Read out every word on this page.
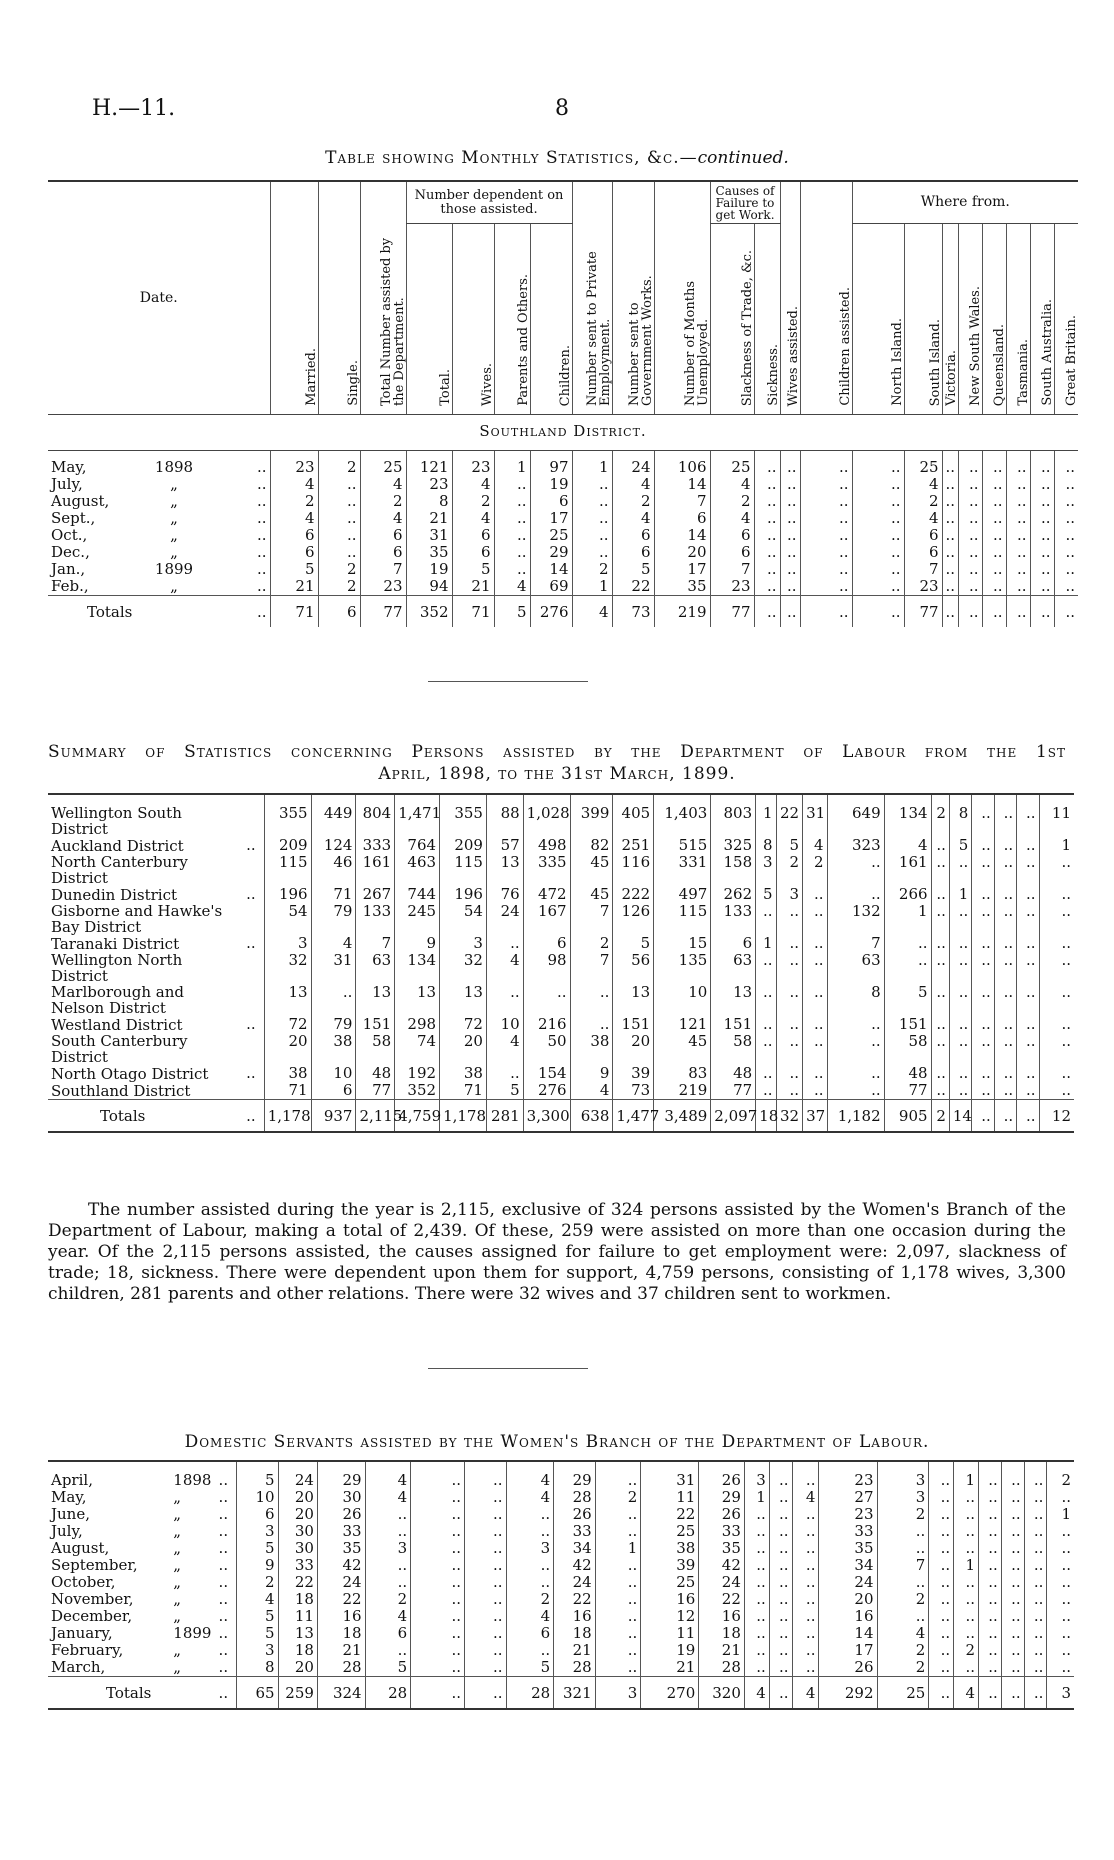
H.—11.	8
Table showing Monthly Statistics, &c.—continued.
Date.	Married.	Single.	Total Number assisted by the Department.	Number dependent on those assisted.				Number sent to Private Employment.	Number sent to Government Works.	Number of Months Unemployed.	Causes of Failure to get Work.		Wives assisted.	Children assisted.	Where from.							
				Total.	Wives.	Parents and Others.	Children.				Slackness of Trade, &c.	Sickness.			North Island.	South Island.						
																	Victoria.	New South Wales.	Queensland.	Tasmania.	South Australia.	Great Britain.
Southland District.																						
May, 1898 ..	23	2	25	121	23	1	97	1	24	106	25	..	..	..	..	25	..	..	..	..	..	..
July, „ ..	4	..	4	23	4	..	19	..	4	14	4	..	..	..	..	4	..	..	..	..	..	..
August, „ ..	2	..	2	8	2	..	6	..	2	7	2	..	..	..	..	2	..	..	..	..	..	..
Sept., „ ..	4	..	4	21	4	..	17	..	4	6	4	..	..	..	..	4	..	..	..	..	..	..
Oct., „ ..	6	..	6	31	6	..	25	..	6	14	6	..	..	..	..	6	..	..	..	..	..	..
Dec., „ ..	6	..	6	35	6	..	29	..	6	20	6	..	..	..	..	6	..	..	..	..	..	..
Jan., 1899 ..	5	2	7	19	5	..	14	2	5	17	7	..	..	..	..	7	..	..	..	..	..	..
Feb., „ ..	21	2	23	94	21	4	69	1	22	35	23	..	..	..	..	23	..	..	..	..	..	..
Totals ..	71	6	77	352	71	5	276	4	73	219	77	..	..	..	..	77	..	..	..	..	..	..
Summary of Statistics concerning Persons assisted by the Department of Labour from the 1st
April, 1898, to the 31st March, 1899.
Wellington South District		355	449	804	1,471	355	88	1,028	399	405	1,403	803	1	22	31	649	134	2	8	..	..	..	11
Auckland District	..	209	124	333	764	209	57	498	82	251	515	325	8	5	4	323	4	..	5	..	..	..	1
North Canterbury District		115	46	161	463	115	13	335	45	116	331	158	3	2	2	..	161	..	..	..	..	..	..
Dunedin District	..	196	71	267	744	196	76	472	45	222	497	262	5	3	..	..	266	..	1	..	..	..	..
Gisborne and Hawke's Bay District		54	79	133	245	54	24	167	7	126	115	133	..	..	..	132	1	..	..	..	..	..	..
Taranaki District	..	3	4	7	9	3	..	6	2	5	15	6	1	..	..	7	..	..	..	..	..	..	..
Wellington North District		32	31	63	134	32	4	98	7	56	135	63	..	..	..	63	..	..	..	..	..	..	..
Marlborough and Nelson District		13	..	13	13	13	..	..	..	13	10	13	..	..	..	8	5	..	..	..	..	..	..
Westland District	..	72	79	151	298	72	10	216	..	151	121	151	..	..	..	..	151	..	..	..	..	..	..
South Canterbury District		20	38	58	74	20	4	50	38	20	45	58	..	..	..	..	58	..	..	..	..	..	..
North Otago District	..	38	10	48	192	38	..	154	9	39	83	48	..	..	..	..	48	..	..	..	..	..	..
Southland District		71	6	77	352	71	5	276	4	73	219	77	..	..	..	..	77	..	..	..	..	..	..
Totals	..	1,178	937	2,115	4,759	1,178	281	3,300	638	1,477	3,489	2,097	18	32	37	1,182	905	2	14	..	..	..	12
The number assisted during the year is 2,115, exclusive of 324 persons assisted by the Women's Branch of the Department of Labour, making a total of 2,439. Of these, 259 were assisted on more than one occasion during the year. Of the 2,115 persons assisted, the causes assigned for failure to get employment were: 2,097, slackness of trade; 18, sickness. There were dependent upon them for support, 4,759 persons, consisting of 1,178 wives, 3,300 children, 281 parents and other relations. There were 32 wives and 37 children sent to workmen.
Domestic Servants assisted by the Women's Branch of the Department of Labour.
April,	1898 ..	5	24	29	4	..	..	4	29	..	31	26	3	..	..	23	3	..	1	..	..	..	2
May,	„ ..	10	20	30	4	..	..	4	28	2	11	29	1	..	4	27	3	..	..	..	..	..	..
June,	„ ..	6	20	26	..	..	..	..	26	..	22	26	..	..	..	23	2	..	..	..	..	..	1
July,	„ ..	3	30	33	..	..	..	..	33	..	25	33	..	..	..	33	..	..	..	..	..	..	..
August,	„ ..	5	30	35	3	..	..	3	34	1	38	35	..	..	..	35	..	..	..	..	..	..	..
September,	„ ..	9	33	42	..	..	..	..	42	..	39	42	..	..	..	34	7	..	1	..	..	..	..
October,	„ ..	2	22	24	..	..	..	..	24	..	25	24	..	..	..	24	..	..	..	..	..	..	..
November,	„ ..	4	18	22	2	..	..	2	22	..	16	22	..	..	..	20	2	..	..	..	..	..	..
December,	„ ..	5	11	16	4	..	..	4	16	..	12	16	..	..	..	16	..	..	..	..	..	..	..
January,	1899 ..	5	13	18	6	..	..	6	18	..	11	18	..	..	..	14	4	..	..	..	..	..	..
February,	„ ..	3	18	21	..	..	..	..	21	..	19	21	..	..	..	17	2	..	2	..	..	..	..
March,	„ ..	8	20	28	5	..	..	5	28	..	21	28	..	..	..	26	2	..	..	..	..	..	..
Totals	..	65	259	324	28	..	..	28	321	3	270	320	4	..	4	292	25	..	4	..	..	..	3
